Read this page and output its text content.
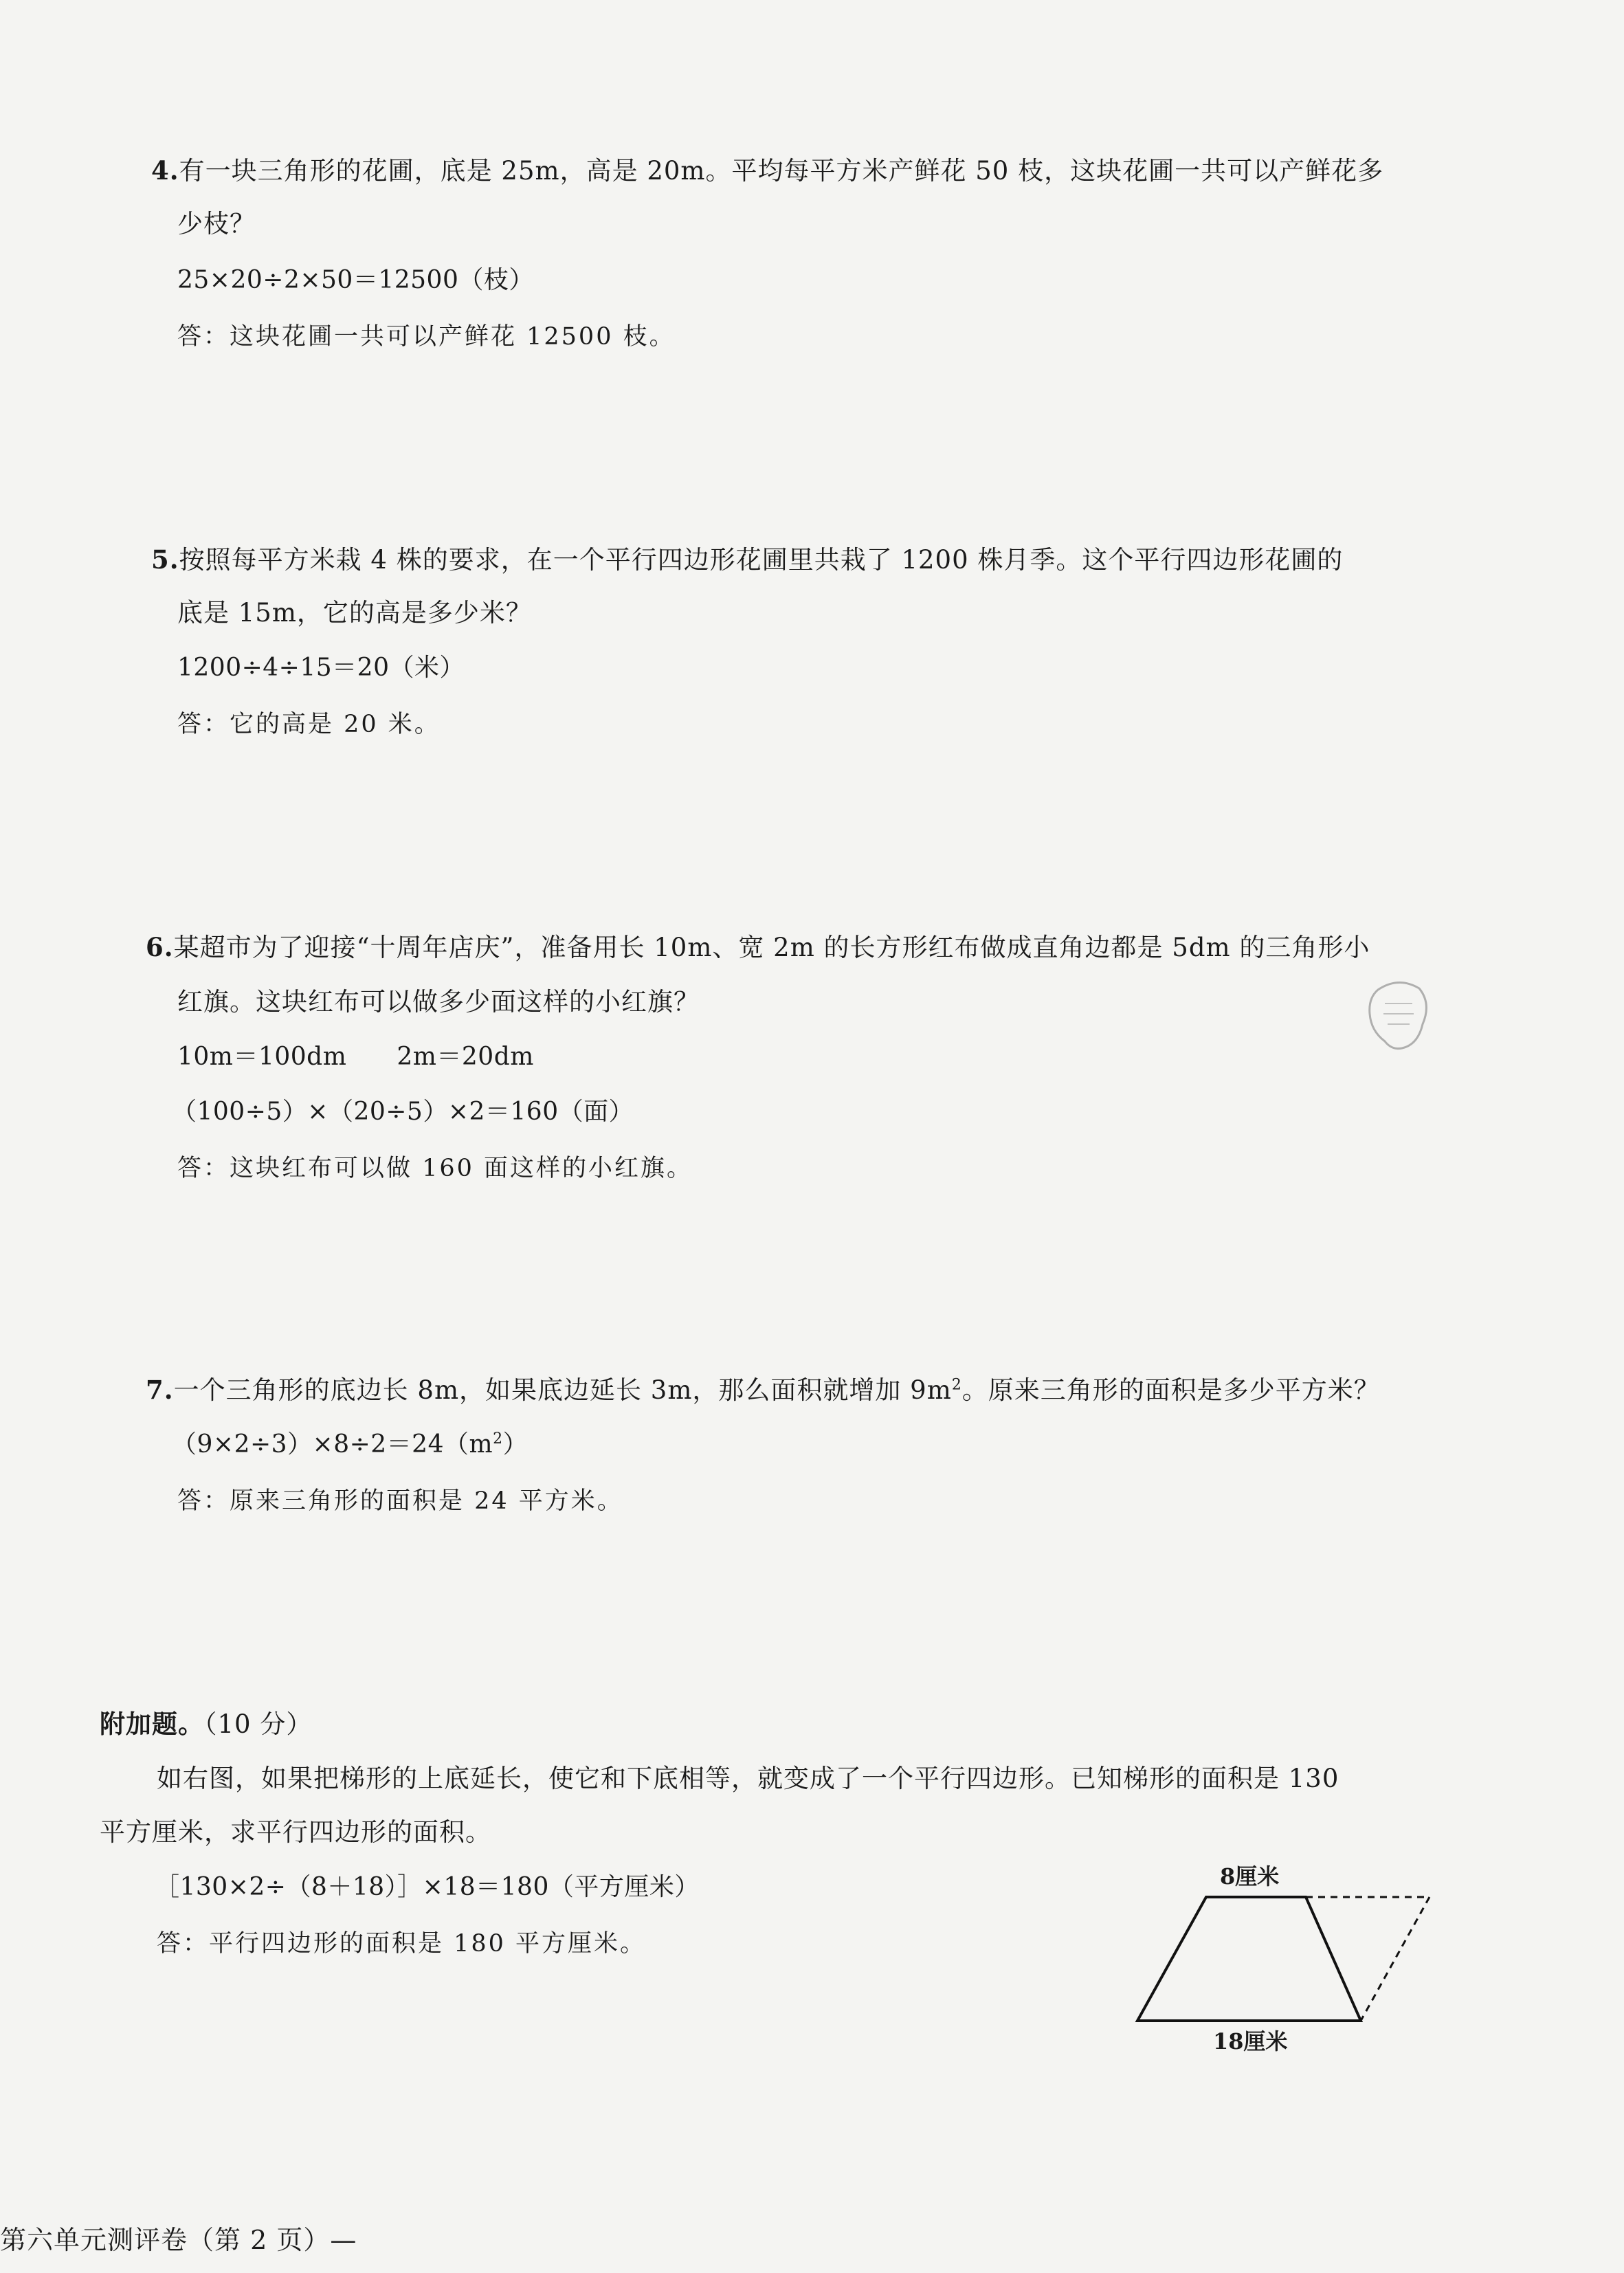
4.有一块三角形的花圃，底是 25m，高是 20m。平均每平方米产鲜花 50 枝，这块花圃一共可以产鲜花多
少枝？
25×20÷2×50＝12500（枝）
答：这块花圃一共可以产鲜花 12500 枝。
5.按照每平方米栽 4 株的要求，在一个平行四边形花圃里共栽了 1200 株月季。这个平行四边形花圃的
底是 15m，它的高是多少米？
1200÷4÷15＝20（米）
答：它的高是 20 米。
6.某超市为了迎接“十周年店庆”，准备用长 10m、宽 2m 的长方形红布做成直角边都是 5dm 的三角形小
红旗。这块红布可以做多少面这样的小红旗？
10m＝100dm　　2m＝20dm
（100÷5）×（20÷5）×2＝160（面）
答：这块红布可以做 160 面这样的小红旗。
7.一个三角形的底边长 8m，如果底边延长 3m，那么面积就增加 $9m^2$。原来三角形的面积是多少平方米？
$(9\times 2\div 3)\times 8\div 2=24(m^2)$
答：原来三角形的面积是 24 平方米。
附加题。（10 分）
如右图，如果把梯形的上底延长，使它和下底相等，就变成了一个平行四边形。已知梯形的面积是 130
平方厘米，求平行四边形的面积。
［130×2÷（8＋18）］×18＝180（平方厘米）
答：平行四边形的面积是 180 平方厘米。
8厘米
18厘米
第六单元测评卷（第 2 页）—
